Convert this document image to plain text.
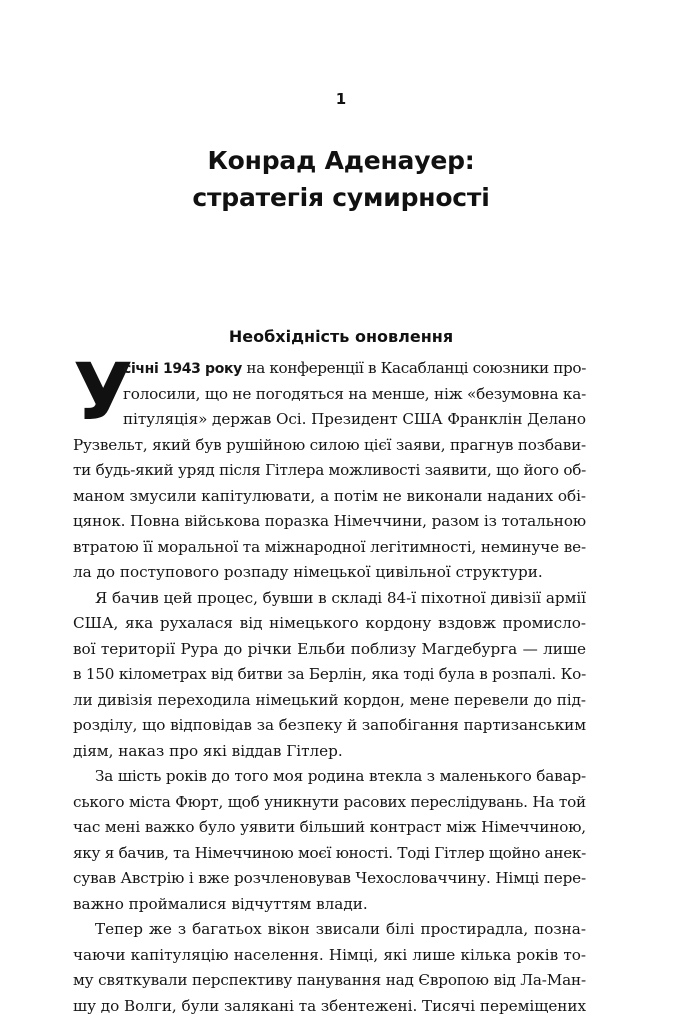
1
Конрад Аденауер:
стратегія сумирності
Необхідність оновлення
У
січні 1943 року на конференції в Касабланці союзники про-
голосили, що не погодяться на менше, ніж «безумовна ка-
пітуляція» держав Осі. Президент США Франклін Делано
Рузвельт, який був рушійною силою цієї заяви, прагнув позбави-
ти будь-який уряд після Гітлера можливості заявити, що його об-
маном змусили капітулювати, а потім не виконали наданих обі-
цянок. Повна військова поразка Німеччини, разом із тотальною
втратою її моральної та міжнародної легітимності, неминуче ве-
ла до поступового розпаду німецької цивільної структури.
Я бачив цей процес, бувши в складі 84-ї піхотної дивізії армії
США, яка рухалася від німецького кордону вздовж промисло-
вої території Рура до річки Ельби поблизу Магдебурга — лише
в 150 кілометрах від битви за Берлін, яка тоді була в розпалі. Ко-
ли дивізія переходила німецький кордон, мене перевели до під-
розділу, що відповідав за безпеку й запобігання партизанським
діям, наказ про які віддав Гітлер.
За шість років до того моя родина втекла з маленького бавар-
ського міста Фюрт, щоб уникнути расових переслідувань. На той
час мені важко було уявити більший контраст між Німеччиною,
яку я бачив, та Німеччиною моєї юності. Тоді Гітлер щойно анек-
сував Австрію і вже розчленовував Чехословаччину. Німці пере-
важно проймалися відчуттям влади.
Тепер же з багатьох вікон звисали білі простирадла, позна-
чаючи капітуляцію населення. Німці, які лише кілька років то-
му святкували перспективу панування над Європою від Ла-Ман-
шу до Волги, були залякані та збентежені. Тисячі переміщених
